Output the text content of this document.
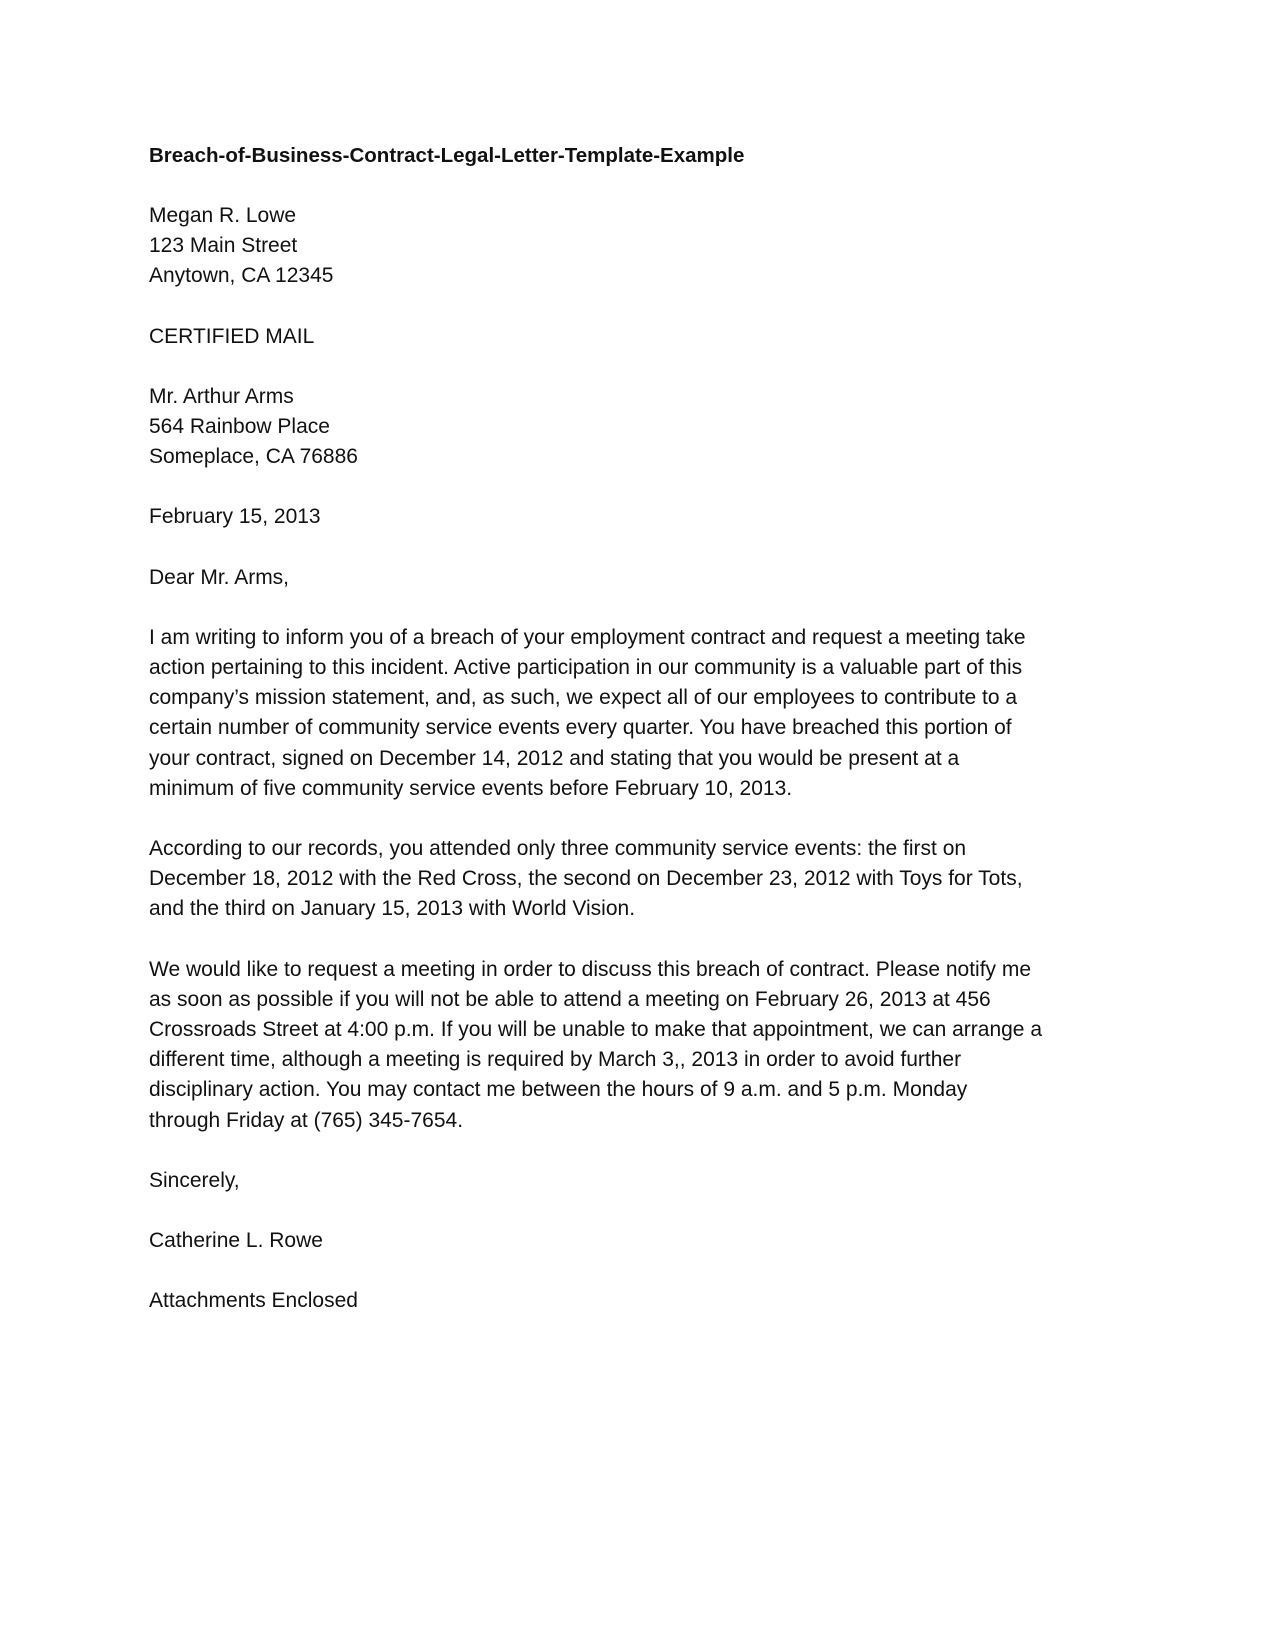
Breach-of-Business-Contract-Legal-Letter-Template-Example
Megan R. Lowe
123 Main Street
Anytown, CA 12345
CERTIFIED MAIL
Mr. Arthur Arms
564 Rainbow Place
Someplace, CA 76886
February 15, 2013
Dear Mr. Arms,

I am writing to inform you of a breach of your employment contract and request a meeting take
action pertaining to this incident. Active participation in our community is a valuable part of this
company’s mission statement, and, as such, we expect all of our employees to contribute to a
certain number of community service events every quarter. You have breached this portion of
your contract, signed on December 14, 2012 and stating that you would be present at a
minimum of five community service events before February 10, 2013.

According to our records, you attended only three community service events: the first on
December 18, 2012 with the Red Cross, the second on December 23, 2012 with Toys for Tots,
and the third on January 15, 2013 with World Vision.

We would like to request a meeting in order to discuss this breach of contract. Please notify me
as soon as possible if you will not be able to attend a meeting on February 26, 2013 at 456
Crossroads Street at 4:00 p.m. If you will be unable to make that appointment, we can arrange a
different time, although a meeting is required by March 3,, 2013 in order to avoid further
disciplinary action. You may contact me between the hours of 9 a.m. and 5 p.m. Monday
through Friday at (765) 345-7654.

Sincerely,
Catherine L. Rowe
Attachments Enclosed
